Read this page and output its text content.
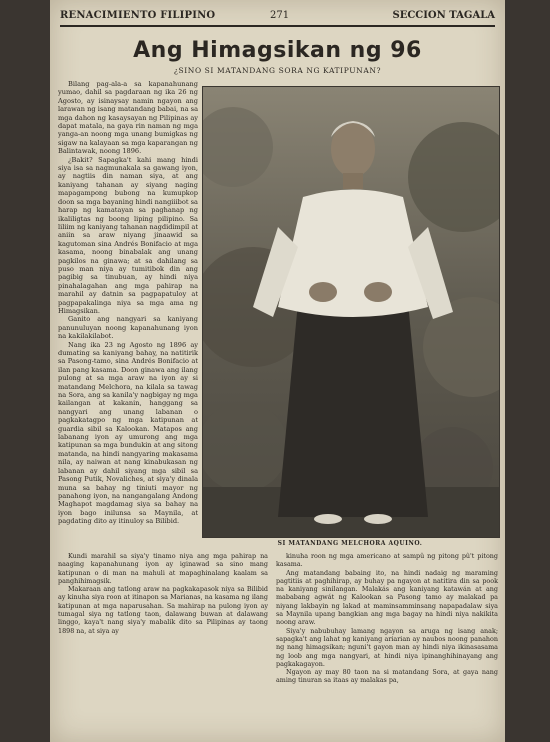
RENACIMIENTO FILIPINO	271	SECCION TAGALA
Ang Himagsikan ng 96
¿SINO SI MATANDANG SORA NG KATIPUNAN?

Bilang pag-ala-a sa kapanahunang yumao, dahil sa pagdaraan ng ika 26 ng Agosto, ay isinaysay namin ngayon ang larawan ng isang matandang babai, na sa mga dahon ng kasaysayan ng Pilipinas ay dapat matala, na gaya rin naman ng mga yanga-an noong mga unang bumigkas ng sigaw na kalayaan sa mga kaparangan ng Balintawak, noong 1896.

¿Bakit? Sapagka't kahi mang hindi siya isa sa nagmunakala sa gawang iyon, ay nagtiis din naman siya, at ang kaniyang tahanan ay siyang naging mapagampong bubong na kumupkop doon sa mga bayaning hindi nangiiibot sa harap ng kamatayan sa paghanap ng ikaliligtas ng boong liping pilipino. Sa liliim ng kaniyang tahanan nagdidimpil at aniin sa araw niyang jinaawid sa kagutoman sina Andrés Bonifacio at mga kasama, noong binabalak ang unang pagkilos na ginawa; at sa dahilang sa puso man niya ay tumitibok din ang pagibig sa tinubuan, ay hindi niya pinahalagahan ang mga pahirap na marahil ay datnin sa pagpapatuloy at pagpapakalinga niya sa mga ama ng Himagsikan.

Ganito ang nangyari sa kaniyang panunuluyan noong kapanahunang iyon na kakilakilabot.

Nang ika 23 ng Agosto ng 1896 ay dumating sa kaniyang bahay, na natitirik sa Pasong-tamo, sina Andrés Bonifacio at ilan pang kasama. Doon ginawa ang ilang pulong at sa mga araw na iyon ay si matandang Melchora, na kilala sa tawag na Sora, ang sa kanila'y nagbigay ng mga kailangan at kakanin, hanggang sa nangyari ang unang labanan o pagkakatagpo ng mga katipunan at guardia sibil sa Kalookan. Matapos ang labanang iyon ay umurong ang mga katipunan sa mga bundukin at ang sitong matanda, na hindi nangyaring makasama nila, ay naiwan at nang kinabukasan ng labanan ay dahil siyang mga sibil sa Pasong Putik, Novaliches, at siya'y dinala muna sa bahay ng tiniuti mayor ng panahong iyon, na nangangalang Andong Maghapot magdamag siya sa bahay na iyon bago inilunsa sa Maynila, at pagdating dito ay itinuloy sa Bilibid.

SI MATANDANG MELCHORA AQUINO.

Kundi marahil sa siya'y tinamo niya ang mga pahirap na naaging kapanahunang iyon ay iginawad sa sino mang katipunan o di man na mahuli at mapaghinalang kaalam sa panghihimagsik.

Makaraan ang tatlong araw na pagkakapasok niya sa Bilibid ay kinuha siya roon at itinapon sa Marianas, na kasama ng ilang katipunan at mga naparusahan. Sa mahirap na pulong iyon ay tumagal siya ng tatlong taon, dalawang buwan at dalawang linggo, kaya't nang siya'y mabalik dito sa Pilipinas ay taong 1898 na, at siya ay

kinuha roon ng mga americano at sampû ng pitong pû't pitong kasama.

Ang matandang babaing ito, na hindi nadaig ng maraming pagtitiis at paghihirap, ay buhay pa ngayon at natitira din sa pook na kaniyang sinilangan. Malakás ang kaniyang katawán at ang mababang agwát ng Kalookan sa Pasong tamo ay malakad pa niyang lakbayin ng lakad at maminsamminsang napapadalaw siya sa Maynila upang bangkian ang mga bagay na hindi niya nakikita noong araw.

Siya'y nabubuhay lamang ngayon sa aruga ng isang anak; sapagka't ang lahat ng kaniyang ariarian ay naubos noong panahon ng nang himagsikan; nguni't gayon man ay hindi niya ikinasasama ng loob ang mga nangyari, at hindi niya ipinanghihinayang ang pagkakagayon.

Ngayon ay may 80 taon na si matandang Sora, at gaya nang aming tinuran sa itaas ay malakas pa,
